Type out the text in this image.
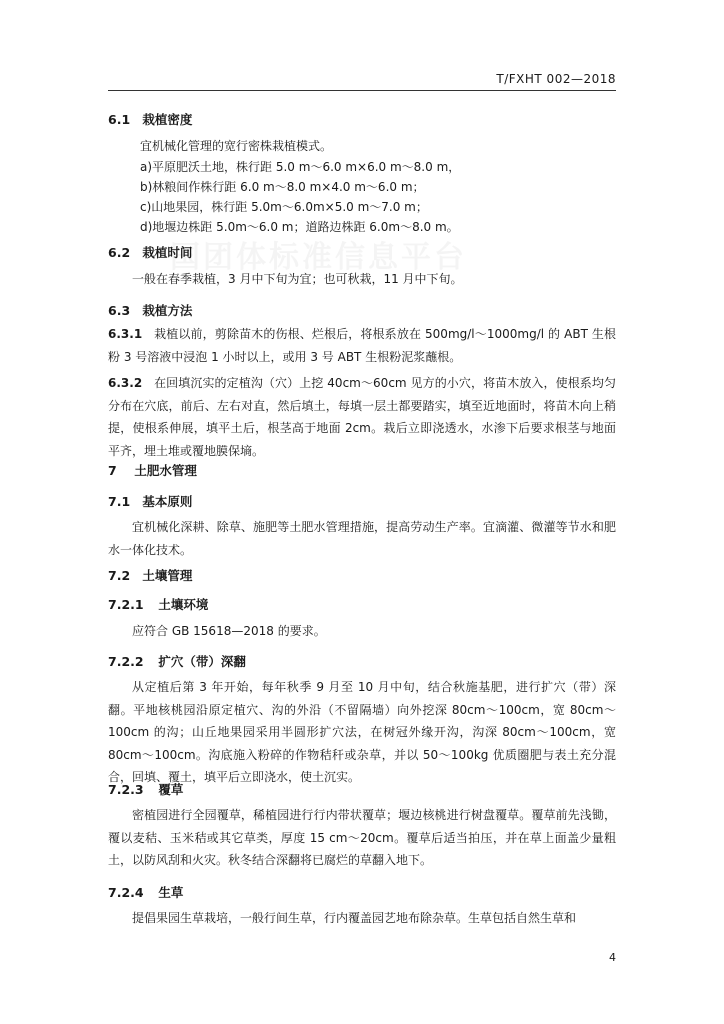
T/FXHT 002—2018
6.1 栽植密度
宜机械化管理的宽行密株栽植模式。
a)平原肥沃土地，株行距 5.0 m～6.0 m×6.0 m～8.0 m，
b)林粮间作株行距 6.0 m～8.0 m×4.0 m～6.0 m；
c)山地果园，株行距 5.0m～6.0m×5.0 m～7.0 m；
d)地堰边株距 5.0m～6.0 m；道路边株距 6.0m～8.0 m。
6.2 栽植时间
一般在春季栽植，3 月中下旬为宜；也可秋栽，11 月中下旬。
6.3 栽植方法
6.3.1 栽植以前，剪除苗木的伤根、烂根后，将根系放在 500mg/l～1000mg/l 的 ABT 生根粉 3 号溶液中浸泡 1 小时以上，或用 3 号 ABT 生根粉泥浆蘸根。
6.3.2 在回填沉实的定植沟（穴）上挖 40cm～60cm 见方的小穴，将苗木放入，使根系均匀分布在穴底，前后、左右对直，然后填土，每填一层土都要踏实，填至近地面时，将苗木向上稍提，使根系伸展，填平土后，根茎高于地面 2cm。栽后立即浇透水，水渗下后要求根茎与地面平齐，埋土堆或覆地膜保墒。
7 土肥水管理
7.1 基本原则
宜机械化深耕、除草、施肥等土肥水管理措施，提高劳动生产率。宜滴灌、微灌等节水和肥水一体化技术。
7.2 土壤管理
7.2.1 土壤环境
应符合 GB 15618—2018 的要求。
7.2.2 扩穴（带）深翻
从定植后第 3 年开始，每年秋季 9 月至 10 月中旬，结合秋施基肥，进行扩穴（带）深翻。平地核桃园沿原定植穴、沟的外沿（不留隔墙）向外挖深 80cm～100cm，宽 80cm～100cm 的沟；山丘地果园采用半圆形扩穴法，在树冠外缘开沟，沟深 80cm～100cm，宽 80cm～100cm。沟底施入粉碎的作物秸秆或杂草，并以 50～100kg 优质圈肥与表土充分混合，回填、覆土，填平后立即浇水，使土沉实。
7.2.3 覆草
密植园进行全园覆草，稀植园进行行内带状覆草；堰边核桃进行树盘覆草。覆草前先浅锄，覆以麦秸、玉米秸或其它草类，厚度 15 cm～20cm。覆草后适当拍压，并在草上面盖少量粗土，以防风刮和火灾。秋冬结合深翻将已腐烂的草翻入地下。
7.2.4 生草
提倡果园生草栽培，一般行间生草，行内覆盖园艺地布除杂草。生草包括自然生草和
4
